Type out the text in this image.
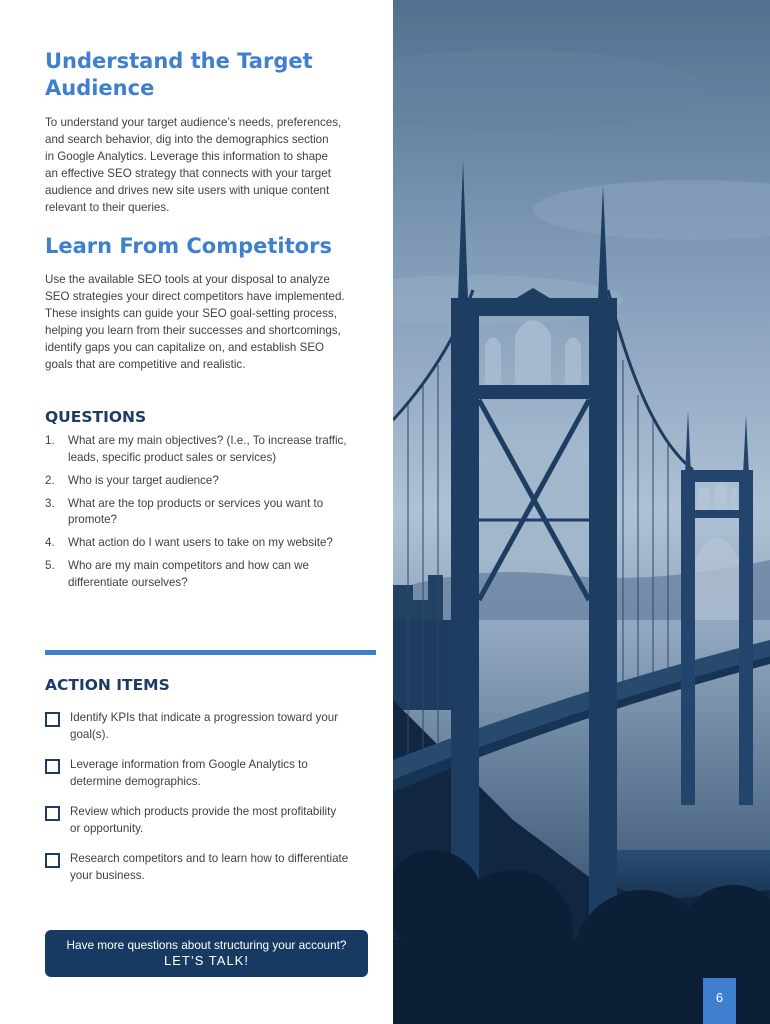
Understand the Target
Audience

To understand your target audience’s needs, preferences,
and search behavior, dig into the demographics section
in Google Analytics. Leverage this information to shape
an effective SEO strategy that connects with your target
audience and drives new site users with unique content
relevant to their queries.

Learn From Competitors

Use the available SEO tools at your disposal to analyze
SEO strategies your direct competitors have implemented.
These insights can guide your SEO goal-setting process,
helping you learn from their successes and shortcomings,
identify gaps you can capitalize on, and establish SEO
goals that are competitive and realistic.

QUESTIONS
1. What are my main objectives? (I.e., To increase traffic,
leads, specific product sales or services)
2. Who is your target audience?
3. What are the top products or services you want to
promote?
4. What action do I want users to take on my website?
5. Who are my main competitors and how can we
differentiate ourselves?
ACTION ITEMS
Identify KPIs that indicate a progression toward your
goal(s).
Leverage information from Google Analytics to
determine demographics.
Review which products provide the most profitability
or opportunity.
Research competitors and to learn how to differentiate
your business.
Have more questions about structuring your account?
LET’S TALK!
6
